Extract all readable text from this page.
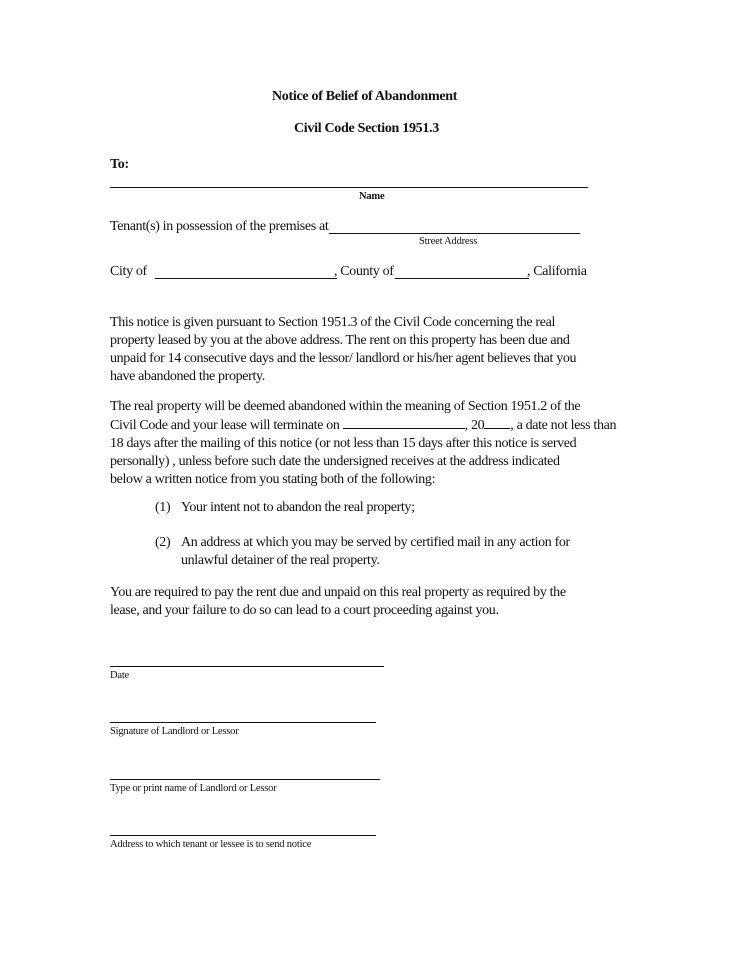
Notice of Belief of Abandonment
Civil Code Section 1951.3
To:
Name
Tenant(s) in possession of the premises at
Street Address
City of	, County of	, California
This notice is given pursuant to Section 1951.3 of the Civil Code concerning the real
property leased by you at the above address. The rent on this property has been due and
unpaid for 14 consecutive days and the lessor/ landlord or his/her agent believes that you
have abandoned the property.
The real property will be deemed abandoned within the meaning of Section 1951.2 of the
Civil Code and your lease will terminate on	, 20 , a date not less than
18 days after the mailing of this notice (or not less than 15 days after this notice is served
personally) , unless before such date the undersigned receives at the address indicated
below a written notice from you stating both of the following:
(1) Your intent not to abandon the real property;
(2) An address at which you may be served by certified mail in any action for
unlawful detainer of the real property.
You are required to pay the rent due and unpaid on this real property as required by the
lease, and your failure to do so can lead to a court proceeding against you.
Date
Signature of Landlord or Lessor
Type or print name of Landlord or Lessor
Address to which tenant or lessee is to send notice
